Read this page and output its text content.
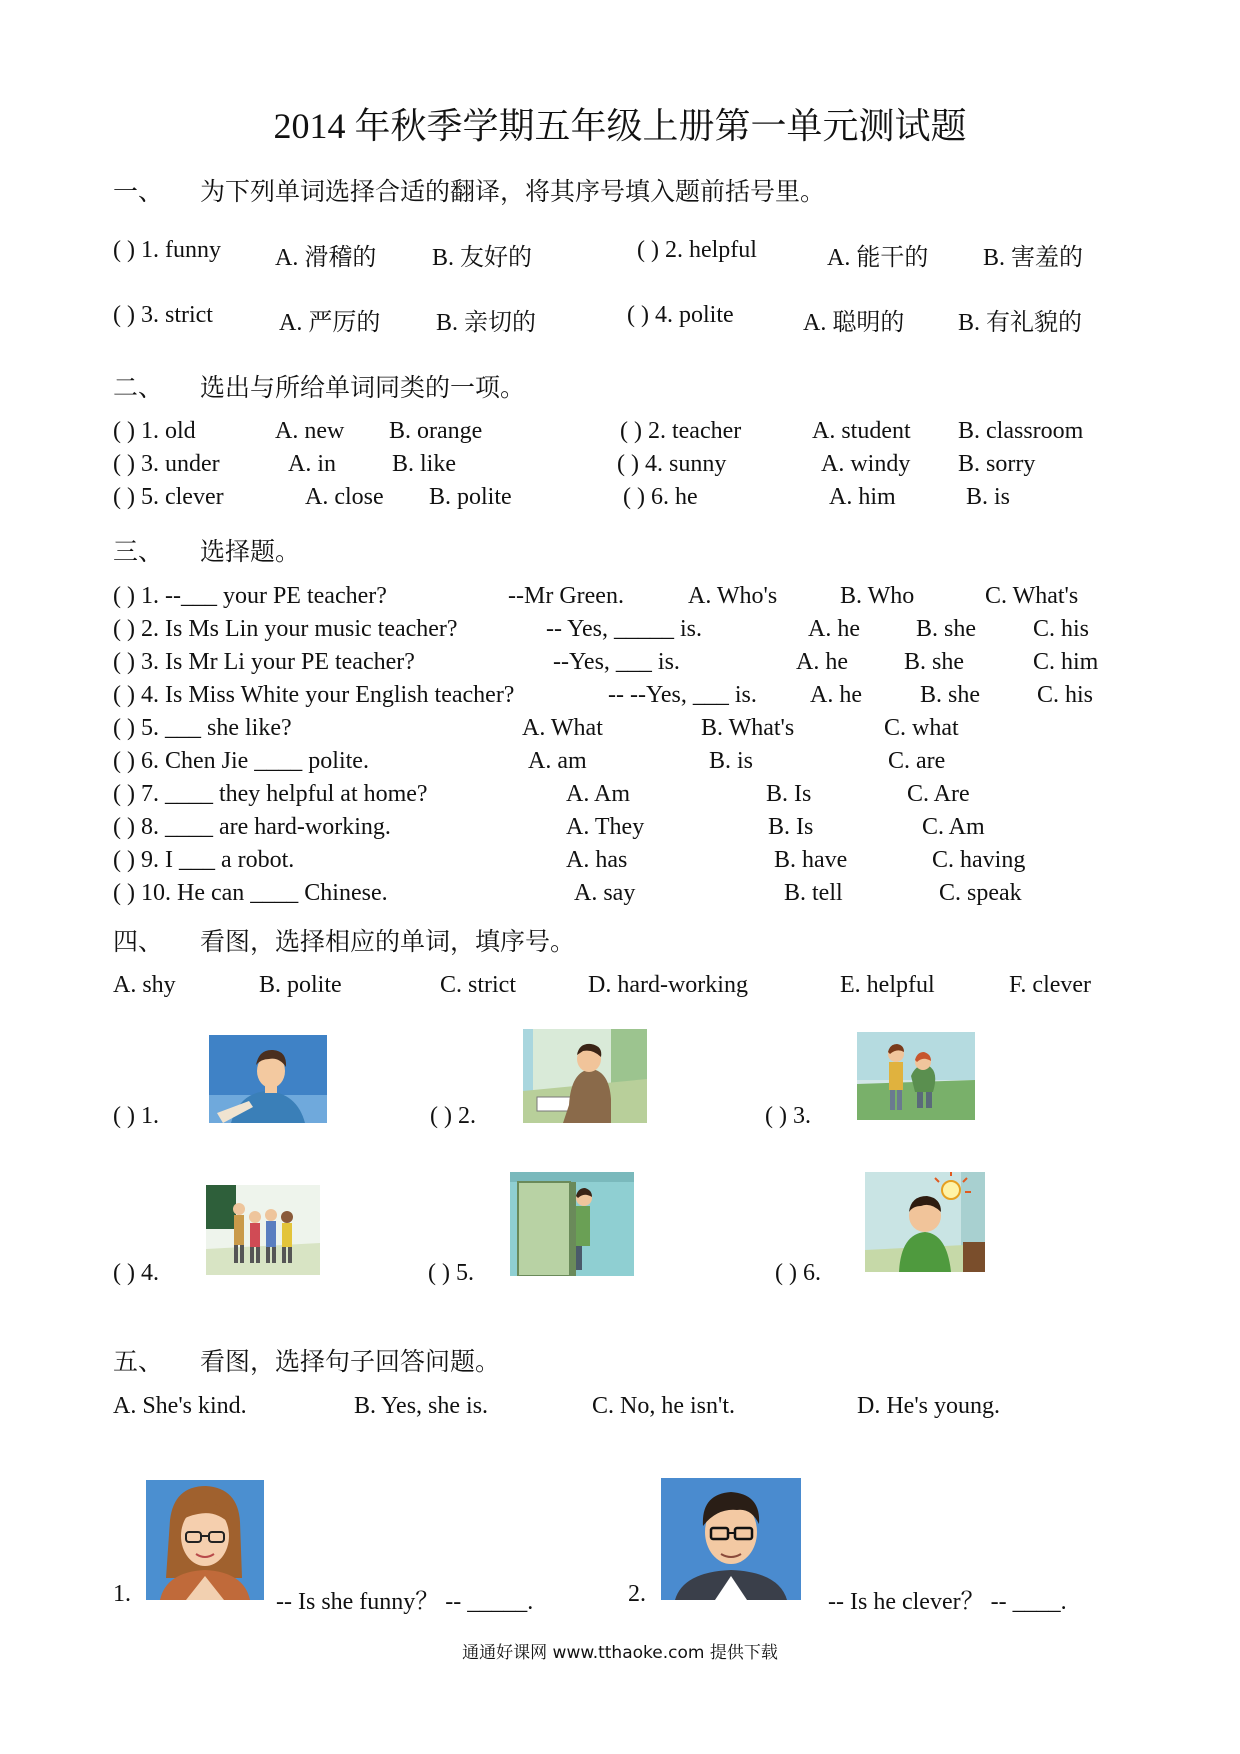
2014 年秋季学期五年级上册第一单元测试题
一、 为下列单词选择合适的翻译，将其序号填入题前括号里。
( ) 1. funny A. 滑稽的 B. 友好的	( ) 2. helpful	A. 能干的 B. 害羞的
( ) 3. strict	A. 严厉的 B. 亲切的	( ) 4. polite	A. 聪明的 B. 有礼貌的
二、 选出与所给单词同类的一项。
( ) 1. old	A. new B. orange	( ) 2. teacher	A. student B. classroom
( ) 3. under	A. in B. like	( ) 4. sunny	A. windy B. sorry
( ) 5. clever	A. close B. polite	( ) 6. he	A. him	B. is
三、 选择题。
( ) 1. --___ your PE teacher?	--Mr Green.	A. Who's	B. Who	C. What's
( ) 2. Is Ms Lin your music teacher?	-- Yes, _____ is.	A. he B. she C. his
( ) 3. Is Mr Li your PE teacher?	--Yes, ___ is.	A. he B. she	C. him
( ) 4. Is Miss White your English teacher?	-- --Yes, ___ is. A. he B. she C. his
( ) 5. ___ she like?	A. What	B. What's	C. what
( ) 6. Chen Jie ____ polite.	A. am	B. is	C. are
( ) 7. ____ they helpful at home?	A. Am	B. Is	C. Are
( ) 8. ____ are hard-working.	A. They	B. Is	C. Am
( ) 9. I ___ a robot.	A. has	B. have	C. having
( ) 10. He can ____ Chinese.	A. say	B. tell	C. speak
四、 看图，选择相应的单词，填序号。
A. shy	B. polite	C. strict	D. hard-working	E. helpful	F. clever
( ) 1.	( ) 2.	( ) 3.
( ) 4.	( ) 5.	( ) 6.
五、 看图，选择句子回答问题。
A. She's kind.	B. Yes, she is.	C. No, he isn't.	D. He's young.
1.	-- Is she funny？ -- _____.	2.	-- Is he clever？ -- ____.
通通好课网 www.tthaoke.com 提供下载
